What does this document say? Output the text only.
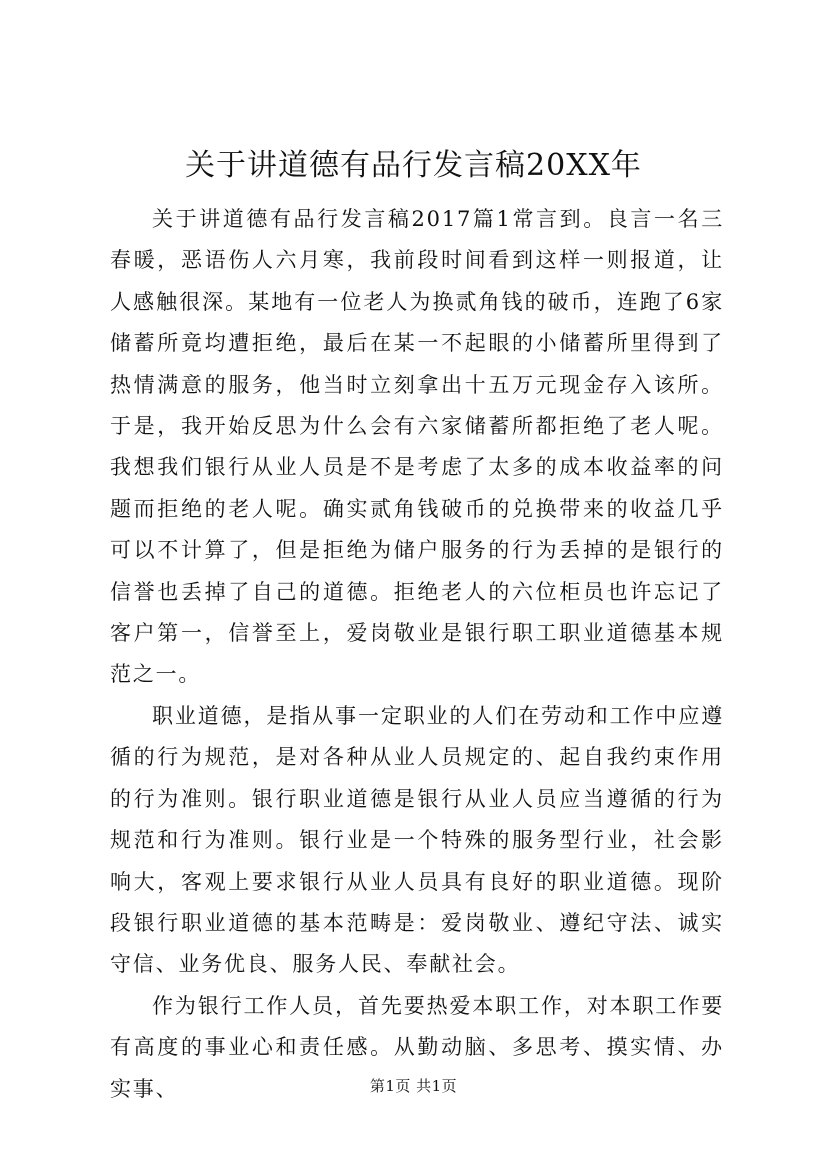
关于讲道德有品行发言稿20XX年

关于讲道德有品行发言稿2017篇1常言到。良言一名三春暖，恶语伤人六月寒，我前段时间看到这样一则报道，让人感触很深。某地有一位老人为换贰角钱的破币，连跑了6家储蓄所竟均遭拒绝，最后在某一不起眼的小储蓄所里得到了热情满意的服务，他当时立刻拿出十五万元现金存入该所。于是，我开始反思为什么会有六家储蓄所都拒绝了老人呢。我想我们银行从业人员是不是考虑了太多的成本收益率的问题而拒绝的老人呢。确实贰角钱破币的兑换带来的收益几乎可以不计算了，但是拒绝为储户服务的行为丢掉的是银行的信誉也丢掉了自己的道德。拒绝老人的六位柜员也许忘记了客户第一，信誉至上，爱岗敬业是银行职工职业道德基本规范之一。

职业道德，是指从事一定职业的人们在劳动和工作中应遵循的行为规范，是对各种从业人员规定的、起自我约束作用的行为准则。银行职业道德是银行从业人员应当遵循的行为规范和行为准则。银行业是一个特殊的服务型行业，社会影响大，客观上要求银行从业人员具有良好的职业道德。现阶段银行职业道德的基本范畴是：爱岗敬业、遵纪守法、诚实守信、业务优良、服务人民、奉献社会。

作为银行工作人员，首先要热爱本职工作，对本职工作要有高度的事业心和责任感。从勤动脑、多思考、摸实情、办实事、	第1页 共1页
